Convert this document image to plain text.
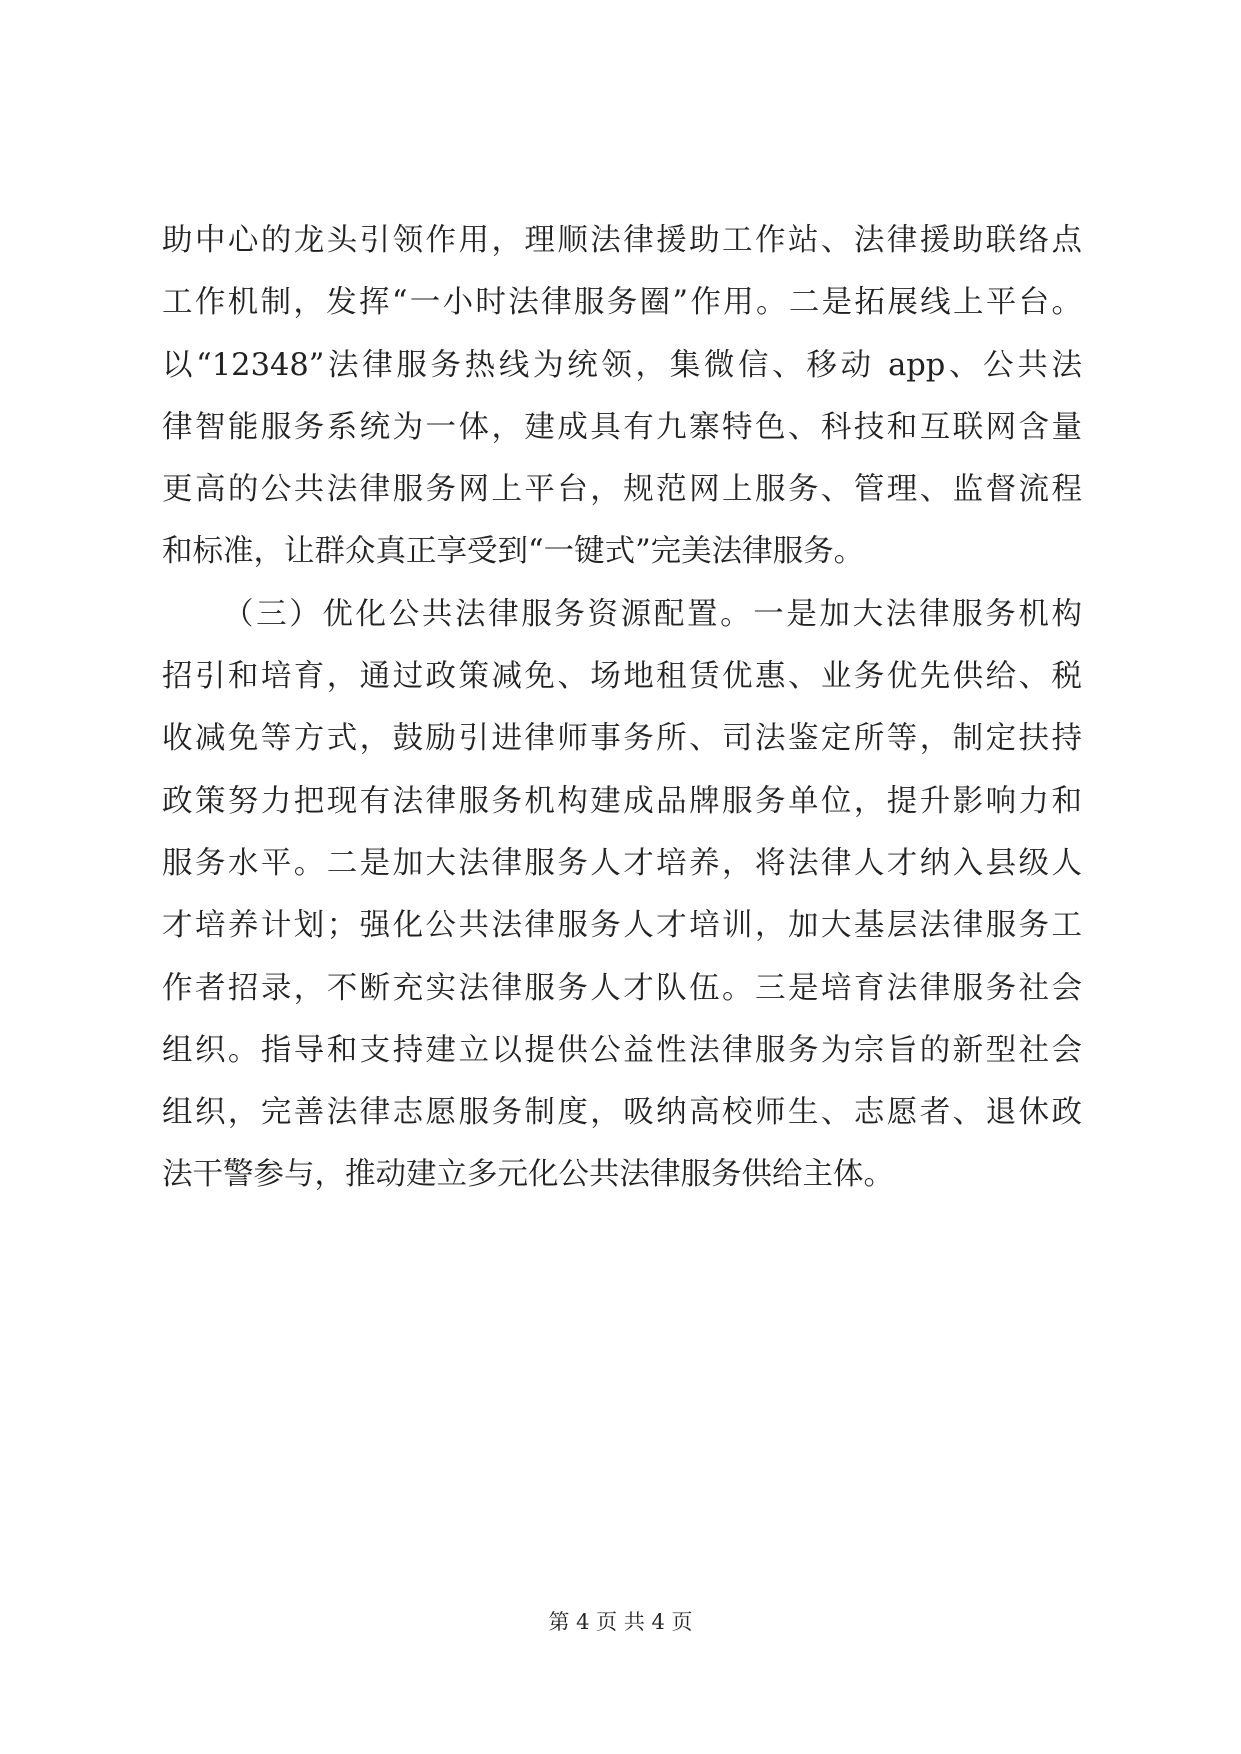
助中心的龙头引领作用，理顺法律援助工作站、法律援助联络点
工作机制，发挥“一小时法律服务圈”作用。二是拓展线上平台。
以“12348”法律服务热线为统领，集微信、移动 app、公共法
律智能服务系统为一体，建成具有九寨特色、科技和互联网含量
更高的公共法律服务网上平台，规范网上服务、管理、监督流程
和标准，让群众真正享受到“一键式”完美法律服务。
（三）优化公共法律服务资源配置。一是加大法律服务机构
招引和培育，通过政策减免、场地租赁优惠、业务优先供给、税
收减免等方式，鼓励引进律师事务所、司法鉴定所等，制定扶持
政策努力把现有法律服务机构建成品牌服务单位，提升影响力和
服务水平。二是加大法律服务人才培养，将法律人才纳入县级人
才培养计划；强化公共法律服务人才培训，加大基层法律服务工
作者招录，不断充实法律服务人才队伍。三是培育法律服务社会
组织。指导和支持建立以提供公益性法律服务为宗旨的新型社会
组织，完善法律志愿服务制度，吸纳高校师生、志愿者、退休政
法干警参与，推动建立多元化公共法律服务供给主体。
第 4 页 共 4 页
